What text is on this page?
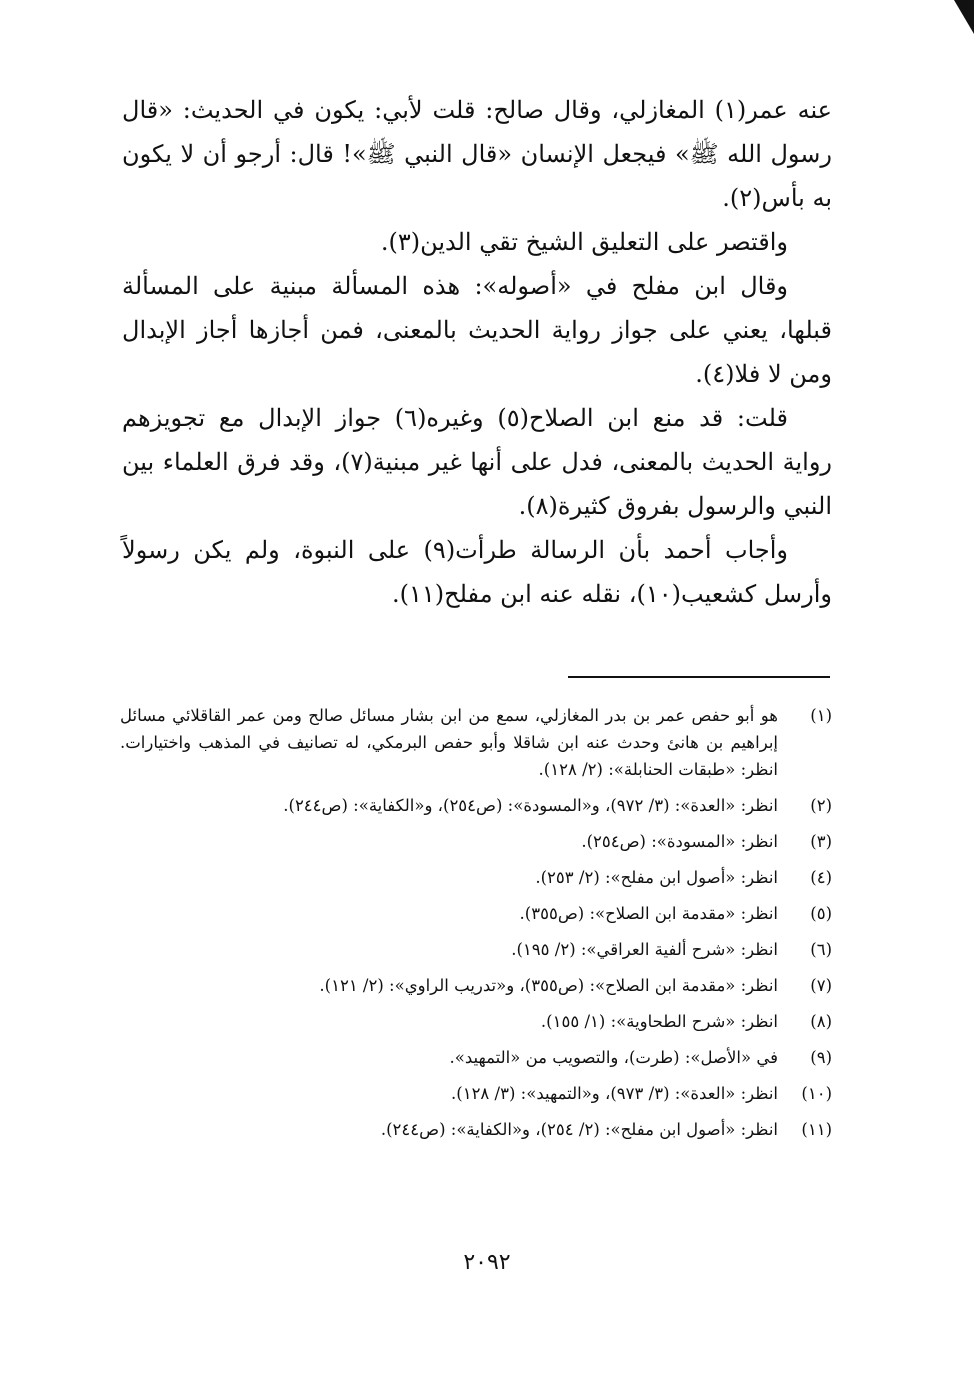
عنه عمر(١) المغازلي، وقال صالح: قلت لأبي: يكون في الحديث: «قال رسول الله ﷺ» فيجعل الإنسان «قال النبي ﷺ»! قال: أرجو أن لا يكون به بأس(٢).

واقتصر على التعليق الشيخ تقي الدين(٣).

وقال ابن مفلح في «أصوله»: هذه المسألة مبنية على المسألة قبلها، يعني على جواز رواية الحديث بالمعنى، فمن أجازها أجاز الإبدال ومن لا فلا(٤).

قلت: قد منع ابن الصلاح(٥) وغيره(٦) جواز الإبدال مع تجويزهم رواية الحديث بالمعنى، فدل على أنها غير مبنية(٧)، وقد فرق العلماء بين النبي والرسول بفروق كثيرة(٨).

وأجاب أحمد بأن الرسالة طرأت(٩) على النبوة، ولم يكن رسولاً وأرسل كشعيب(١٠)، نقله عنه ابن مفلح(١١).

(١)
هو أبو حفص عمر بن بدر المغازلي، سمع من ابن بشار مسائل صالح ومن عمر القاقلائي مسائل إبراهيم بن هانئ وحدث عنه ابن شاقلا وأبو حفص البرمكي، له تصانيف في المذهب واختيارات. انظر: «طبقات الحنابلة»: (٢/ ١٢٨).
(٢)
انظر: «العدة»: (٣/ ٩٧٢)، و«المسودة»: (ص٢٥٤)، و«الكفاية»: (ص٢٤٤).
(٣)
انظر: «المسودة»: (ص٢٥٤).
(٤)
انظر: «أصول ابن مفلح»: (٢/ ٢٥٣).
(٥)
انظر: «مقدمة ابن الصلاح»: (ص٣٥٥).
(٦)
انظر: «شرح ألفية العراقي»: (٢/ ١٩٥).
(٧)
انظر: «مقدمة ابن الصلاح»: (ص٣٥٥)، و«تدريب الراوي»: (٢/ ١٢١).
(٨)
انظر: «شرح الطحاوية»: (١/ ١٥٥).
(٩)
في «الأصل»: (طرت)، والتصويب من «التمهيد».
(١٠)
انظر: «العدة»: (٣/ ٩٧٣)، و«التمهيد»: (٣/ ١٢٨).
(١١)
انظر: «أصول ابن مفلح»: (٢/ ٢٥٤)، و«الكفاية»: (ص٢٤٤).
٢٠٩٢
